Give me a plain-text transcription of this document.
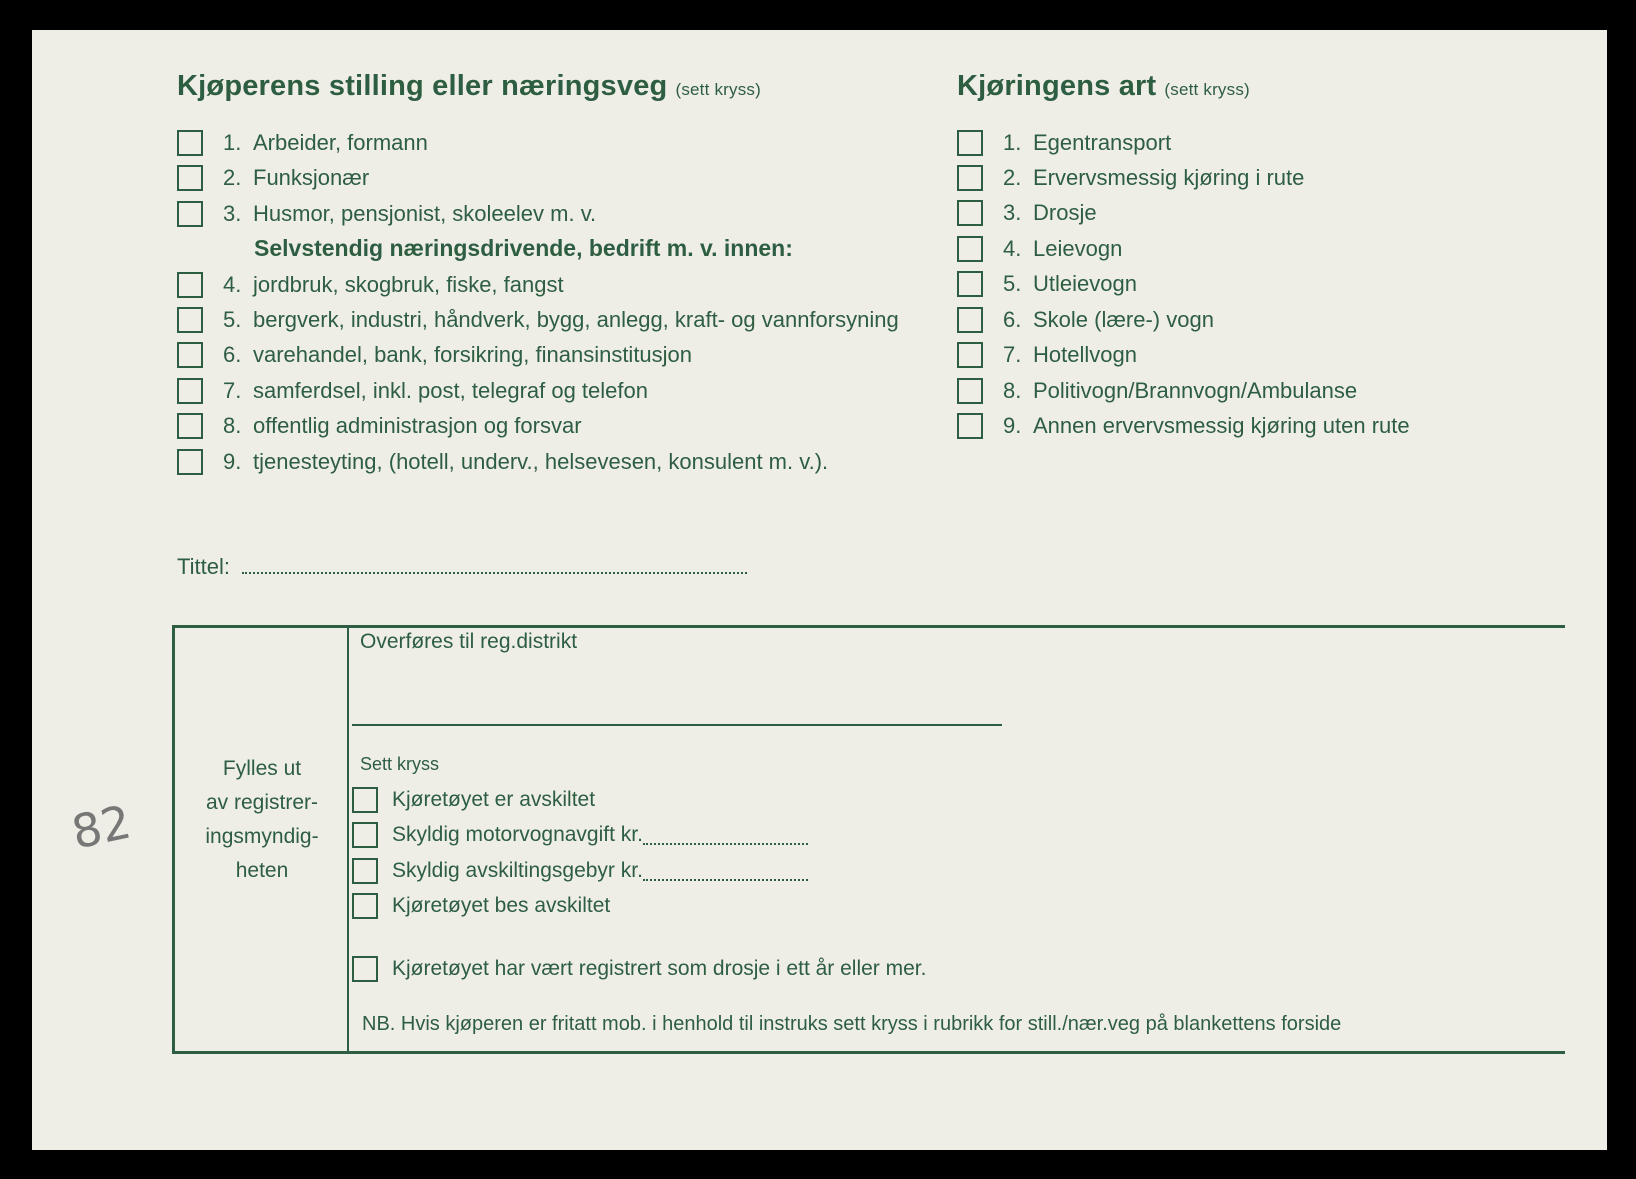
Kjøperens stilling eller næringsveg (sett kryss)	Kjøringens art (sett kryss)
1. Arbeider, formann
2. Funksjonær
3. Husmor, pensjonist, skoleelev m. v.
Selvstendig næringsdrivende, bedrift m. v. innen:
4. jordbruk, skogbruk, fiske, fangst
5. bergverk, industri, håndverk, bygg, anlegg, kraft- og vannforsyning
6. varehandel, bank, forsikring, finansinstitusjon
7. samferdsel, inkl. post, telegraf og telefon
8. offentlig administrasjon og forsvar
9. tjenesteyting, (hotell, underv., helsevesen, konsulent m. v.).
1. Egentransport
2. Ervervsmessig kjøring i rute
3. Drosje
4. Leievogn
5. Utleievogn
6. Skole (lære-) vogn
7. Hotellvogn
8. Politivogn/Brannvogn/Ambulanse
9. Annen ervervsmessig kjøring uten rute
Tittel:
Fylles ut
av registrer-
ingsmyndig-
heten
Overføres til reg.distrikt
Sett kryss
Kjøretøyet er avskiltet
Skyldig motorvognavgift kr.
Skyldig avskiltingsgebyr kr.
Kjøretøyet bes avskiltet
Kjøretøyet har vært registrert som drosje i ett år eller mer.
NB. Hvis kjøperen er fritatt mob. i henhold til instruks sett kryss i rubrikk for still./nær.veg på blankettens forside
82
